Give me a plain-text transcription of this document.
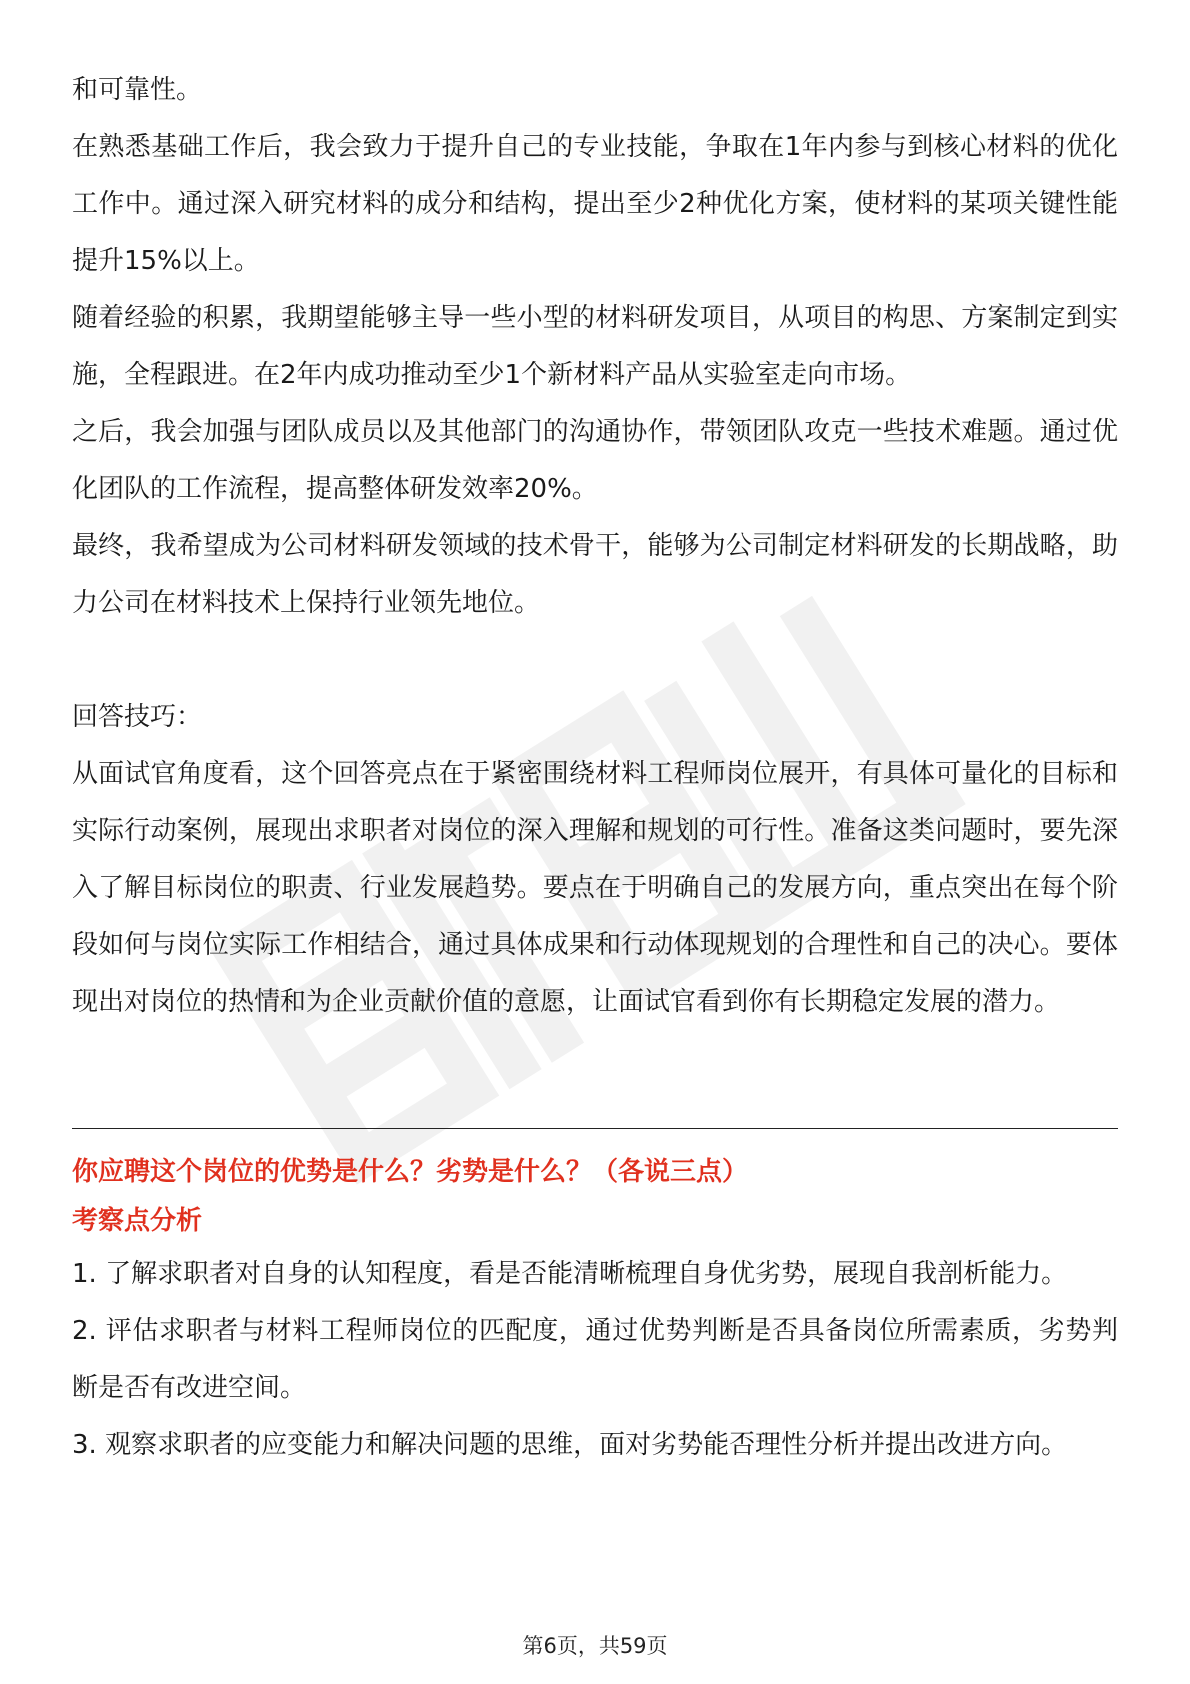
和可靠性。

在熟悉基础工作后，我会致力于提升自己的专业技能，争取在1年内参与到核心材料的优化工作中。通过深入研究材料的成分和结构，提出至少2种优化方案，使材料的某项关键性能提升15%以上。

随着经验的积累，我期望能够主导一些小型的材料研发项目，从项目的构思、方案制定到实施，全程跟进。在2年内成功推动至少1个新材料产品从实验室走向市场。

之后，我会加强与团队成员以及其他部门的沟通协作，带领团队攻克一些技术难题。通过优化团队的工作流程，提高整体研发效率20%。

最终，我希望成为公司材料研发领域的技术骨干，能够为公司制定材料研发的长期战略，助力公司在材料技术上保持行业领先地位。

回答技巧：

从面试官角度看，这个回答亮点在于紧密围绕材料工程师岗位展开，有具体可量化的目标和实际行动案例，展现出求职者对岗位的深入理解和规划的可行性。准备这类问题时，要先深入了解目标岗位的职责、行业发展趋势。要点在于明确自己的发展方向，重点突出在每个阶段如何与岗位实际工作相结合，通过具体成果和行动体现规划的合理性和自己的决心。要体现出对岗位的热情和为企业贡献价值的意愿，让面试官看到你有长期稳定发展的潜力。

你应聘这个岗位的优势是什么？劣势是什么？（各说三点）

考察点分析

1. 了解求职者对自身的认知程度，看是否能清晰梳理自身优劣势，展现自我剖析能力。

2. 评估求职者与材料工程师岗位的匹配度，通过优势判断是否具备岗位所需素质，劣势判断是否有改进空间。

3. 观察求职者的应变能力和解决问题的思维，面对劣势能否理性分析并提出改进方向。

第6页，共59页
